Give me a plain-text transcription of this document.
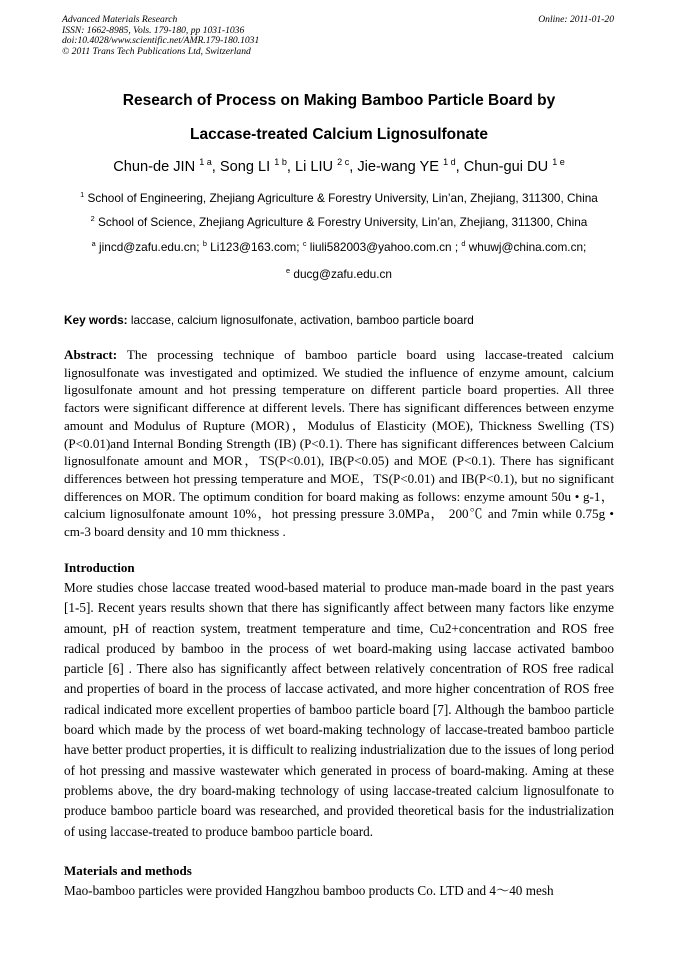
Advanced Materials Research
ISSN: 1662-8985, Vols. 179-180, pp 1031-1036
doi:10.4028/www.scientific.net/AMR.179-180.1031
© 2011 Trans Tech Publications Ltd, Switzerland
Online: 2011-01-20
Research of Process on Making Bamboo Particle Board by
Laccase-treated Calcium Lignosulfonate
Chun-de JIN $^{1 a}$, Song LI $^{1 b}$, Li LIU $^{2 c}$, Jie-wang YE $^{1 d}$, Chun-gui DU $^{1 e}$
$^1$ School of Engineering, Zhejiang Agriculture & Forestry University, Lin’an, Zhejiang, 311300, China
$^2$ School of Science, Zhejiang Agriculture & Forestry University, Lin’an, Zhejiang, 311300, China
$^a$ jincd@zafu.edu.cn; $^b$ Li123@163.com; $^c$ liuli582003@yahoo.com.cn ; $^d$ whuwj@china.com.cn;
$^e$ ducg@zafu.edu.cn
Key words: laccase, calcium lignosulfonate, activation, bamboo particle board
Abstract: The processing technique of bamboo particle board using laccase-treated calcium lignosulfonate was investigated and optimized. We studied the influence of enzyme amount, calcium ligosulfonate amount and hot pressing temperature on different particle board properties. All three factors were significant difference at different levels. There has significant differences between enzyme amount and Modulus of Rupture (MOR)，Modulus of Elasticity (MOE), Thickness Swelling (TS) (P<0.01)and Internal Bonding Strength (IB) (P<0.1). There has significant differences between Calcium lignosulfonate amount and MOR，TS(P<0.01), IB(P<0.05) and MOE (P<0.1). There has significant differences between hot pressing temperature and MOE，TS(P<0.01) and IB(P<0.1), but no significant differences on MOR. The optimum condition for board making as follows: enzyme amount 50u • g-1，calcium lignosulfonate amount 10%，hot pressing pressure 3.0MPa， 200℃ and 7min while 0.75g • cm-3 board density and 10 mm thickness .
Introduction
More studies chose laccase treated wood-based material to produce man-made board in the past years [1-5]. Recent years results shown that there has significantly affect between many factors like enzyme amount, pH of reaction system, treatment temperature and time, Cu2+concentration and ROS free radical produced by bamboo in the process of wet board-making using laccase activated bamboo particle [6] . There also has significantly affect between relatively concentration of ROS free radical and properties of board in the process of laccase activated, and more higher concentration of ROS free radical indicated more excellent properties of bamboo particle board [7]. Although the bamboo particle board which made by the process of wet board-making technology of laccase-treated bamboo particle have better product properties, it is difficult to realizing industrialization due to the issues of long period of hot pressing and massive wastewater which generated in process of board-making. Aming at these problems above, the dry board-making technology of using laccase-treated calcium lignosulfonate to produce bamboo particle board was researched, and provided theoretical basis for the industrialization of using laccase-treated to produce bamboo particle board.
Materials and methods
Mao-bamboo particles were provided Hangzhou bamboo products Co. LTD and 4～40 mesh
